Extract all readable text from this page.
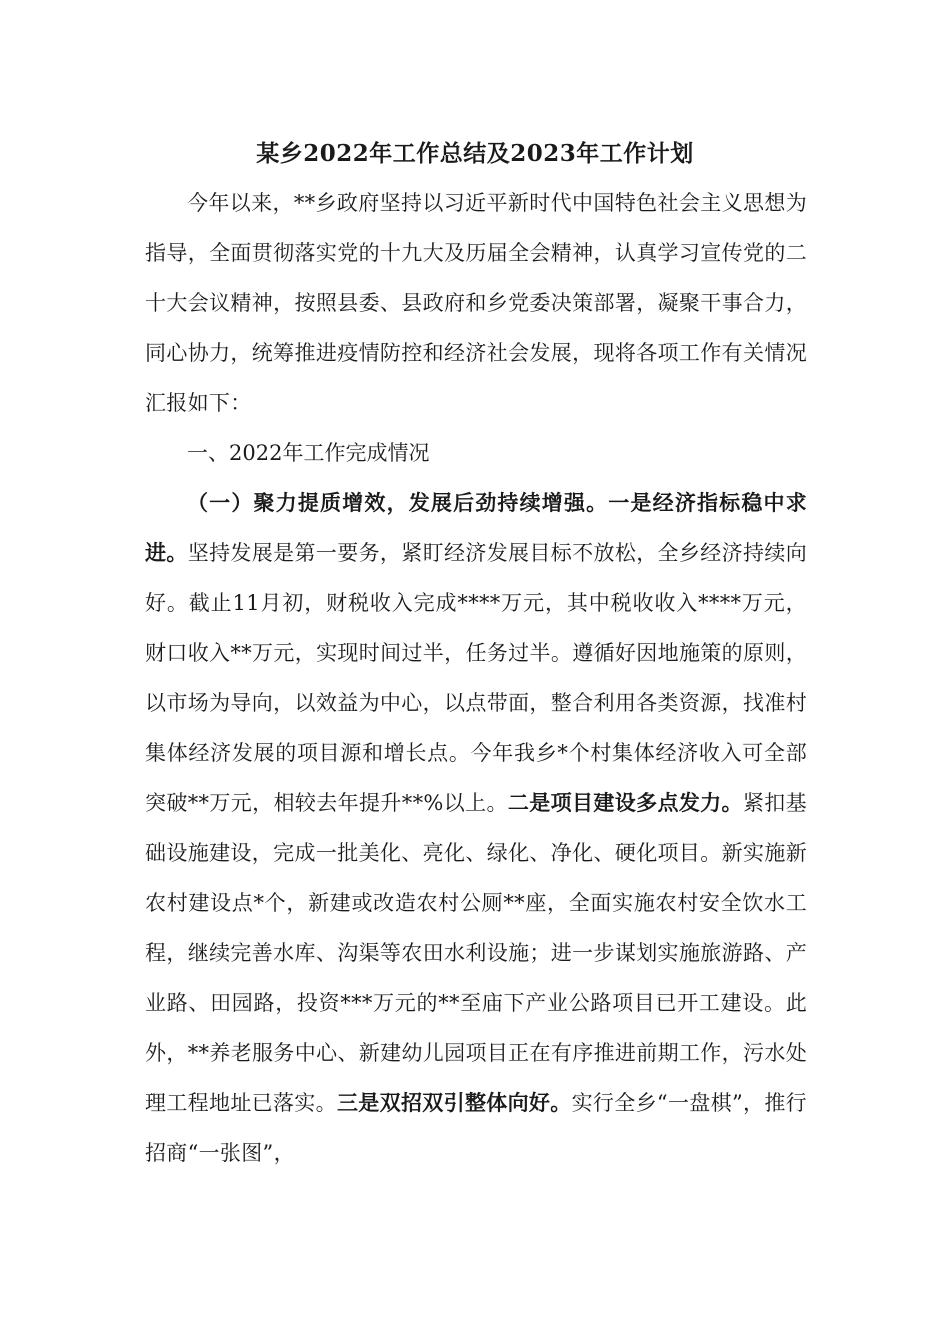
某乡2022年工作总结及2023年工作计划

今年以来，**乡政府坚持以习近平新时代中国特色社会主义思想为指导，全面贯彻落实党的十九大及历届全会精神，认真学习宣传党的二十大会议精神，按照县委、县政府和乡党委决策部署，凝聚干事合力，同心协力，统筹推进疫情防控和经济社会发展，现将各项工作有关情况汇报如下：

一、2022年工作完成情况

（一）聚力提质增效，发展后劲持续增强。一是经济指标稳中求进。坚持发展是第一要务，紧盯经济发展目标不放松，全乡经济持续向好。截止11月初，财税收入完成****万元，其中税收收入****万元，财口收入**万元，实现时间过半，任务过半。遵循好因地施策的原则，以市场为导向，以效益为中心，以点带面，整合利用各类资源，找准村集体经济发展的项目源和增长点。今年我乡*个村集体经济收入可全部突破**万元，相较去年提升**%以上。二是项目建设多点发力。紧扣基础设施建设，完成一批美化、亮化、绿化、净化、硬化项目。新实施新农村建设点*个，新建或改造农村公厕**座，全面实施农村安全饮水工程，继续完善水库、沟渠等农田水利设施；进一步谋划实施旅游路、产业路、田园路，投资***万元的**至庙下产业公路项目已开工建设。此外，**养老服务中心、新建幼儿园项目正在有序推进前期工作，污水处理工程地址已落实。三是双招双引整体向好。实行全乡“一盘棋”，推行招商“一张图”，
